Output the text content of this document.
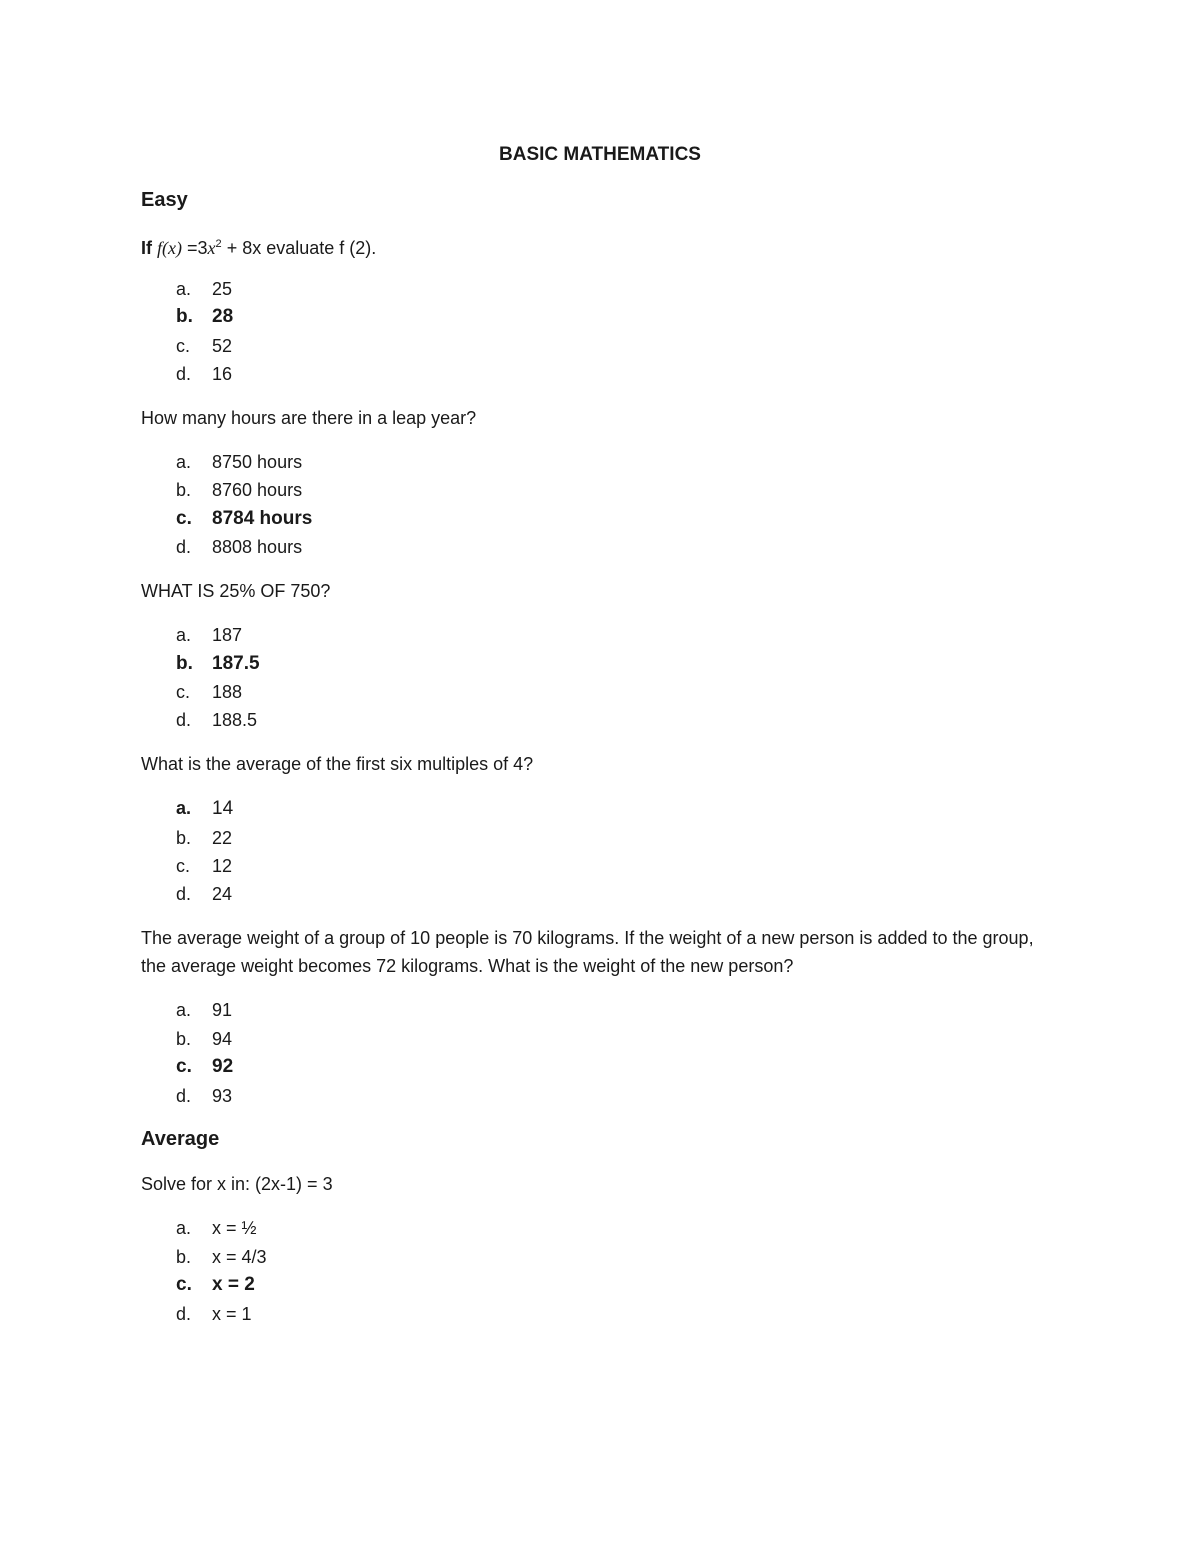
BASIC MATHEMATICS
Easy
If $f(x) =3x^2 + 8x$ evaluate f (2).
a. 25
b. 28
c. 52
d. 16
How many hours are there in a leap year?
a. 8750 hours
b. 8760 hours
c. 8784 hours
d. 8808 hours
WHAT IS 25% OF 750?
a. 187
b. 187.5
c. 188
d. 188.5
What is the average of the first six multiples of 4?
a. 14
b. 22
c. 12
d. 24
The average weight of a group of 10 people is 70 kilograms. If the weight of a new person is added to the group, the average weight becomes 72 kilograms. What is the weight of the new person?
a. 91
b. 94
c. 92
d. 93
Average
Solve for x in: (2x-1) = 3
a. x = ½
b. x = 4/3
c. x = 2
d. x = 1
